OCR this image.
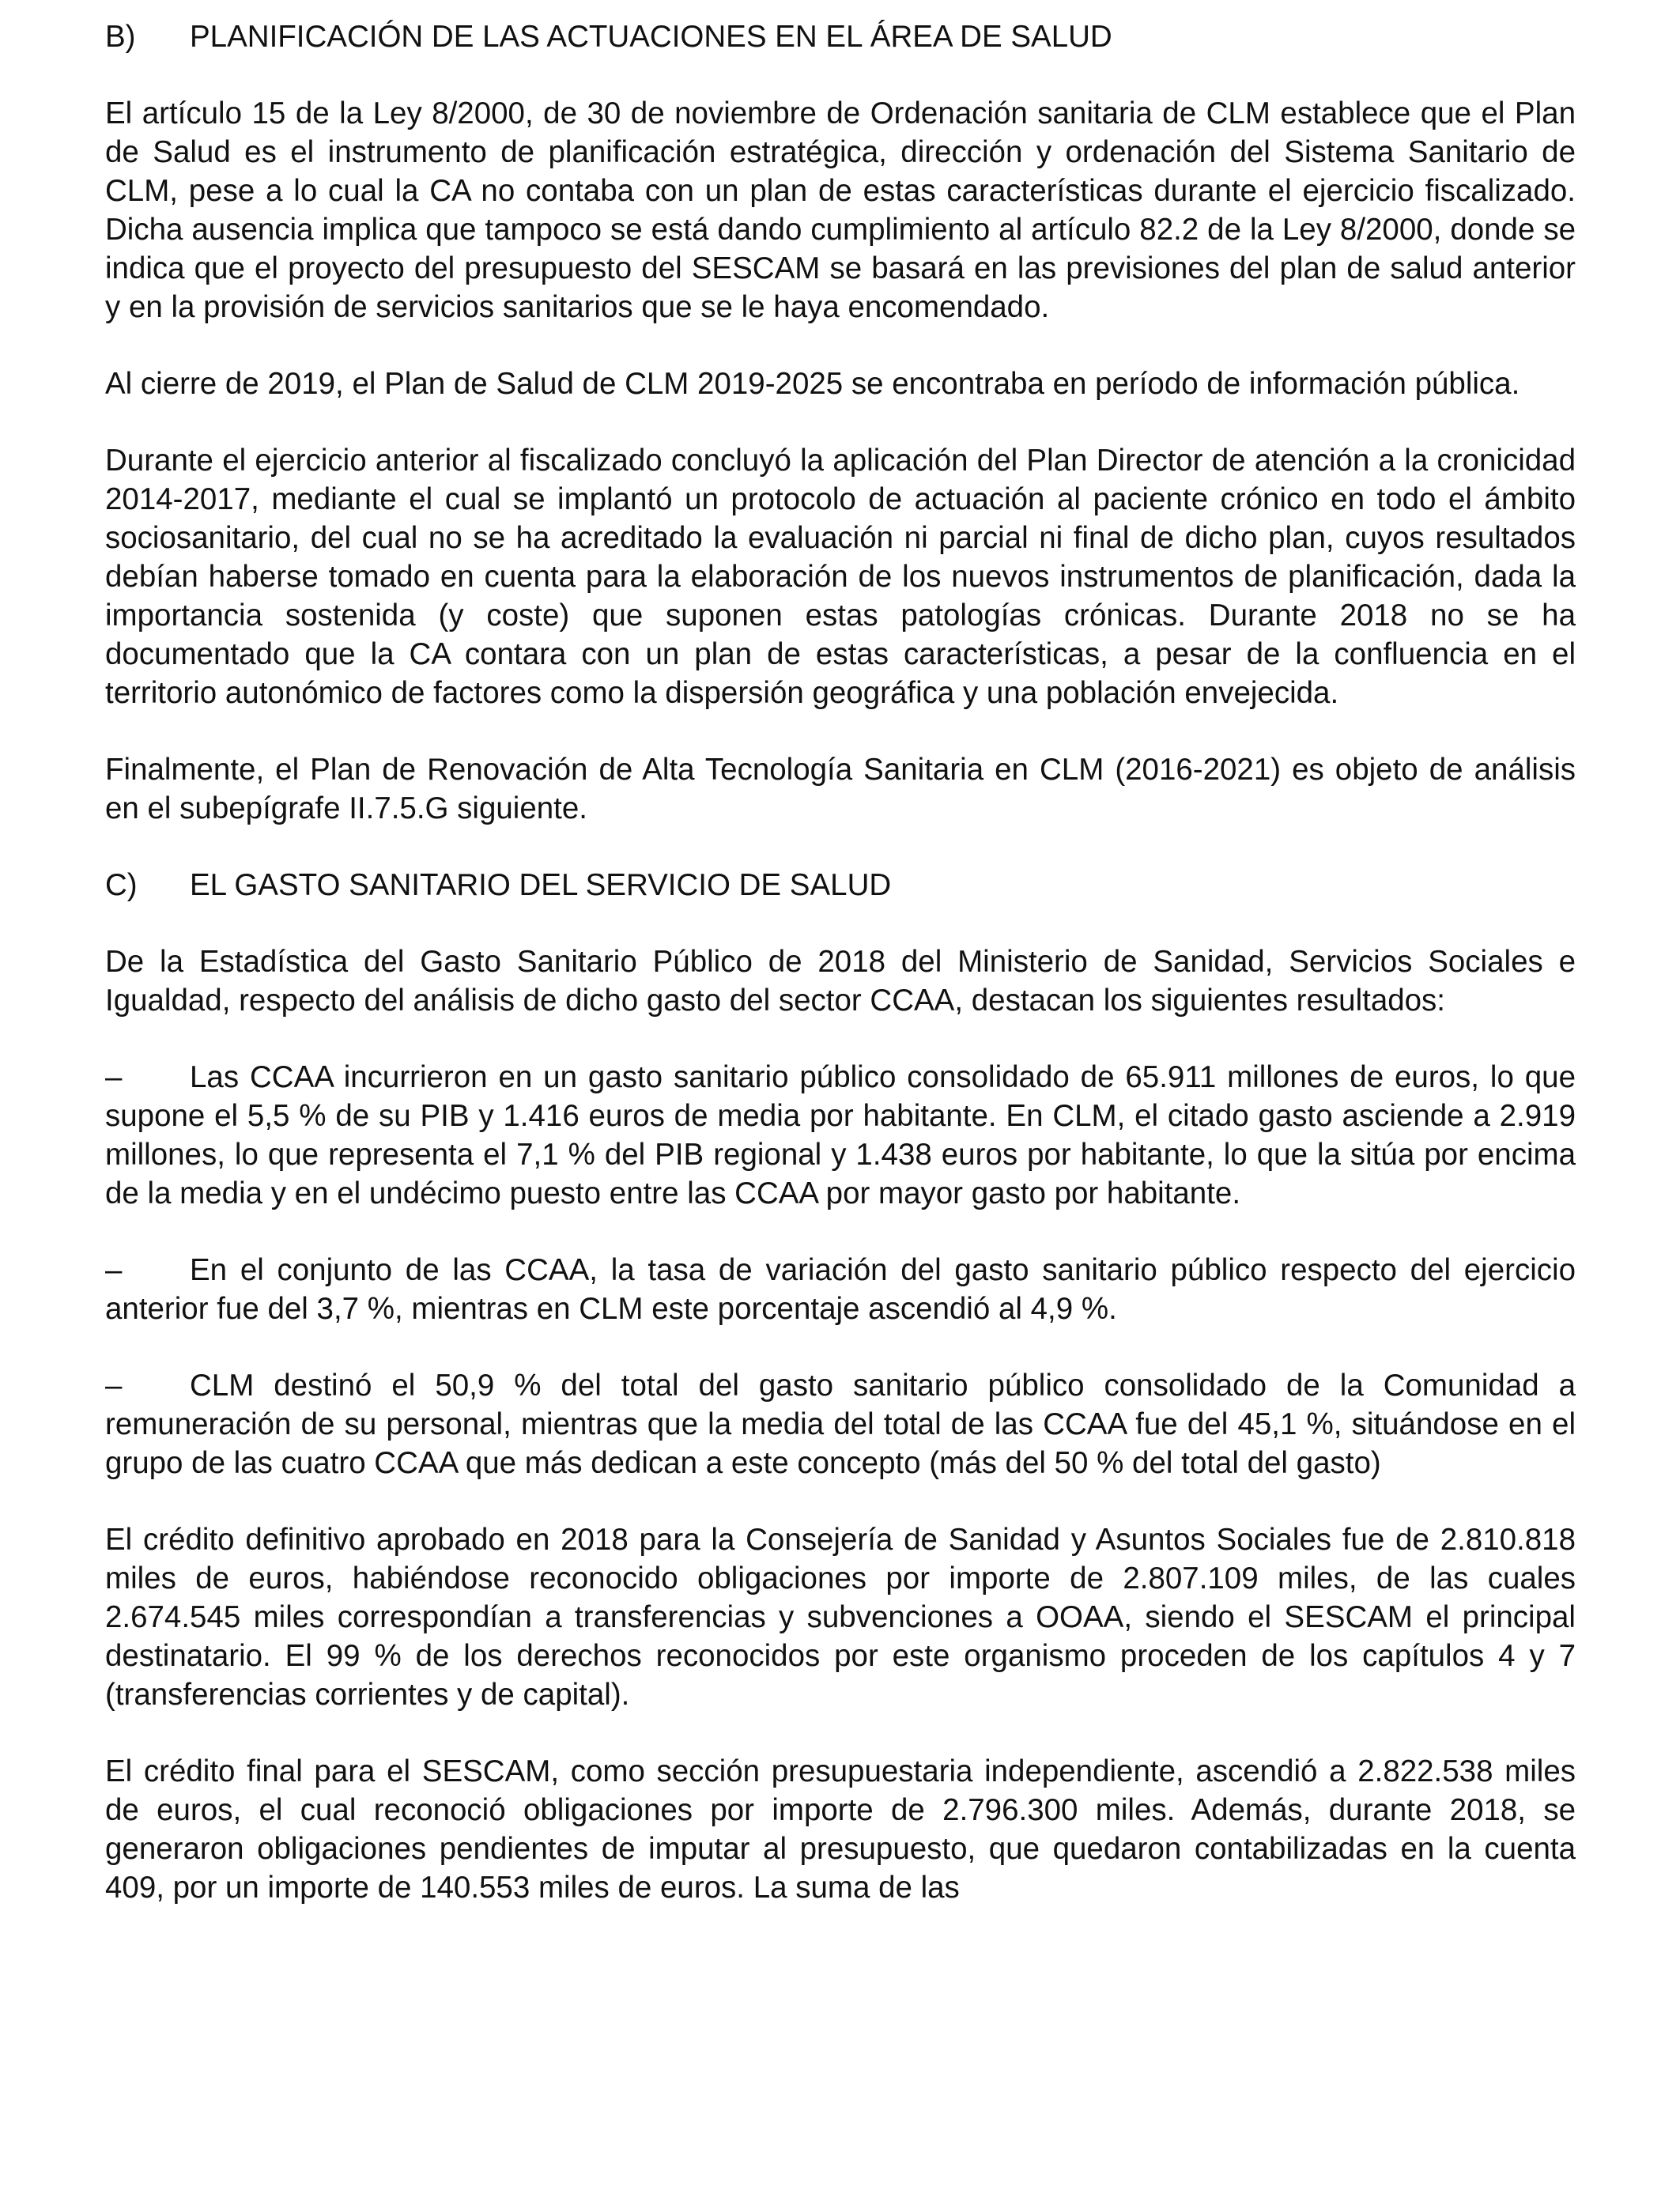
B)	PLANIFICACIÓN DE LAS ACTUACIONES EN EL ÁREA DE SALUD

El artículo 15 de la Ley 8/2000, de 30 de noviembre de Ordenación sanitaria de CLM establece que el Plan de Salud es el instrumento de planificación estratégica, dirección y ordenación del Sistema Sanitario de CLM, pese a lo cual la CA no contaba con un plan de estas características durante el ejercicio fiscalizado. Dicha ausencia implica que tampoco se está dando cumplimiento al artículo 82.2 de la Ley 8/2000, donde se indica que el proyecto del presupuesto del SESCAM se basará en las previsiones del plan de salud anterior y en la provisión de servicios sanitarios que se le haya encomendado.

Al cierre de 2019, el Plan de Salud de CLM 2019-2025 se encontraba en período de información pública.

Durante el ejercicio anterior al fiscalizado concluyó la aplicación del Plan Director de atención a la cronicidad 2014-2017, mediante el cual se implantó un protocolo de actuación al paciente crónico en todo el ámbito sociosanitario, del cual no se ha acreditado la evaluación ni parcial ni final de dicho plan, cuyos resultados debían haberse tomado en cuenta para la elaboración de los nuevos instrumentos de planificación, dada la importancia sostenida (y coste) que suponen estas patologías crónicas. Durante 2018 no se ha documentado que la CA contara con un plan de estas características, a pesar de la confluencia en el territorio autonómico de factores como la dispersión geográfica y una población envejecida.

Finalmente, el Plan de Renovación de Alta Tecnología Sanitaria en CLM (2016-2021) es objeto de análisis en el subepígrafe II.7.5.G siguiente.

C)	EL GASTO SANITARIO DEL SERVICIO DE SALUD

De la Estadística del Gasto Sanitario Público de 2018 del Ministerio de Sanidad, Servicios Sociales e Igualdad, respecto del análisis de dicho gasto del sector CCAA, destacan los siguientes resultados:

– Las CCAA incurrieron en un gasto sanitario público consolidado de 65.911 millones de euros, lo que supone el 5,5 % de su PIB y 1.416 euros de media por habitante. En CLM, el citado gasto asciende a 2.919 millones, lo que representa el 7,1 % del PIB regional y 1.438 euros por habitante, lo que la sitúa por encima de la media y en el undécimo puesto entre las CCAA por mayor gasto por habitante.

– En el conjunto de las CCAA, la tasa de variación del gasto sanitario público respecto del ejercicio anterior fue del 3,7 %, mientras en CLM este porcentaje ascendió al 4,9 %.

– CLM destinó el 50,9 % del total del gasto sanitario público consolidado de la Comunidad a remuneración de su personal, mientras que la media del total de las CCAA fue del 45,1 %, situándose en el grupo de las cuatro CCAA que más dedican a este concepto (más del 50 % del total del gasto)

El crédito definitivo aprobado en 2018 para la Consejería de Sanidad y Asuntos Sociales fue de 2.810.818 miles de euros, habiéndose reconocido obligaciones por importe de 2.807.109 miles, de las cuales 2.674.545 miles correspondían a transferencias y subvenciones a OOAA, siendo el SESCAM el principal destinatario. El 99 % de los derechos reconocidos por este organismo proceden de los capítulos 4 y 7 (transferencias corrientes y de capital).

El crédito final para el SESCAM, como sección presupuestaria independiente, ascendió a 2.822.538 miles de euros, el cual reconoció obligaciones por importe de 2.796.300 miles. Además, durante 2018, se generaron obligaciones pendientes de imputar al presupuesto, que quedaron contabilizadas en la cuenta 409, por un importe de 140.553 miles de euros. La suma de las
